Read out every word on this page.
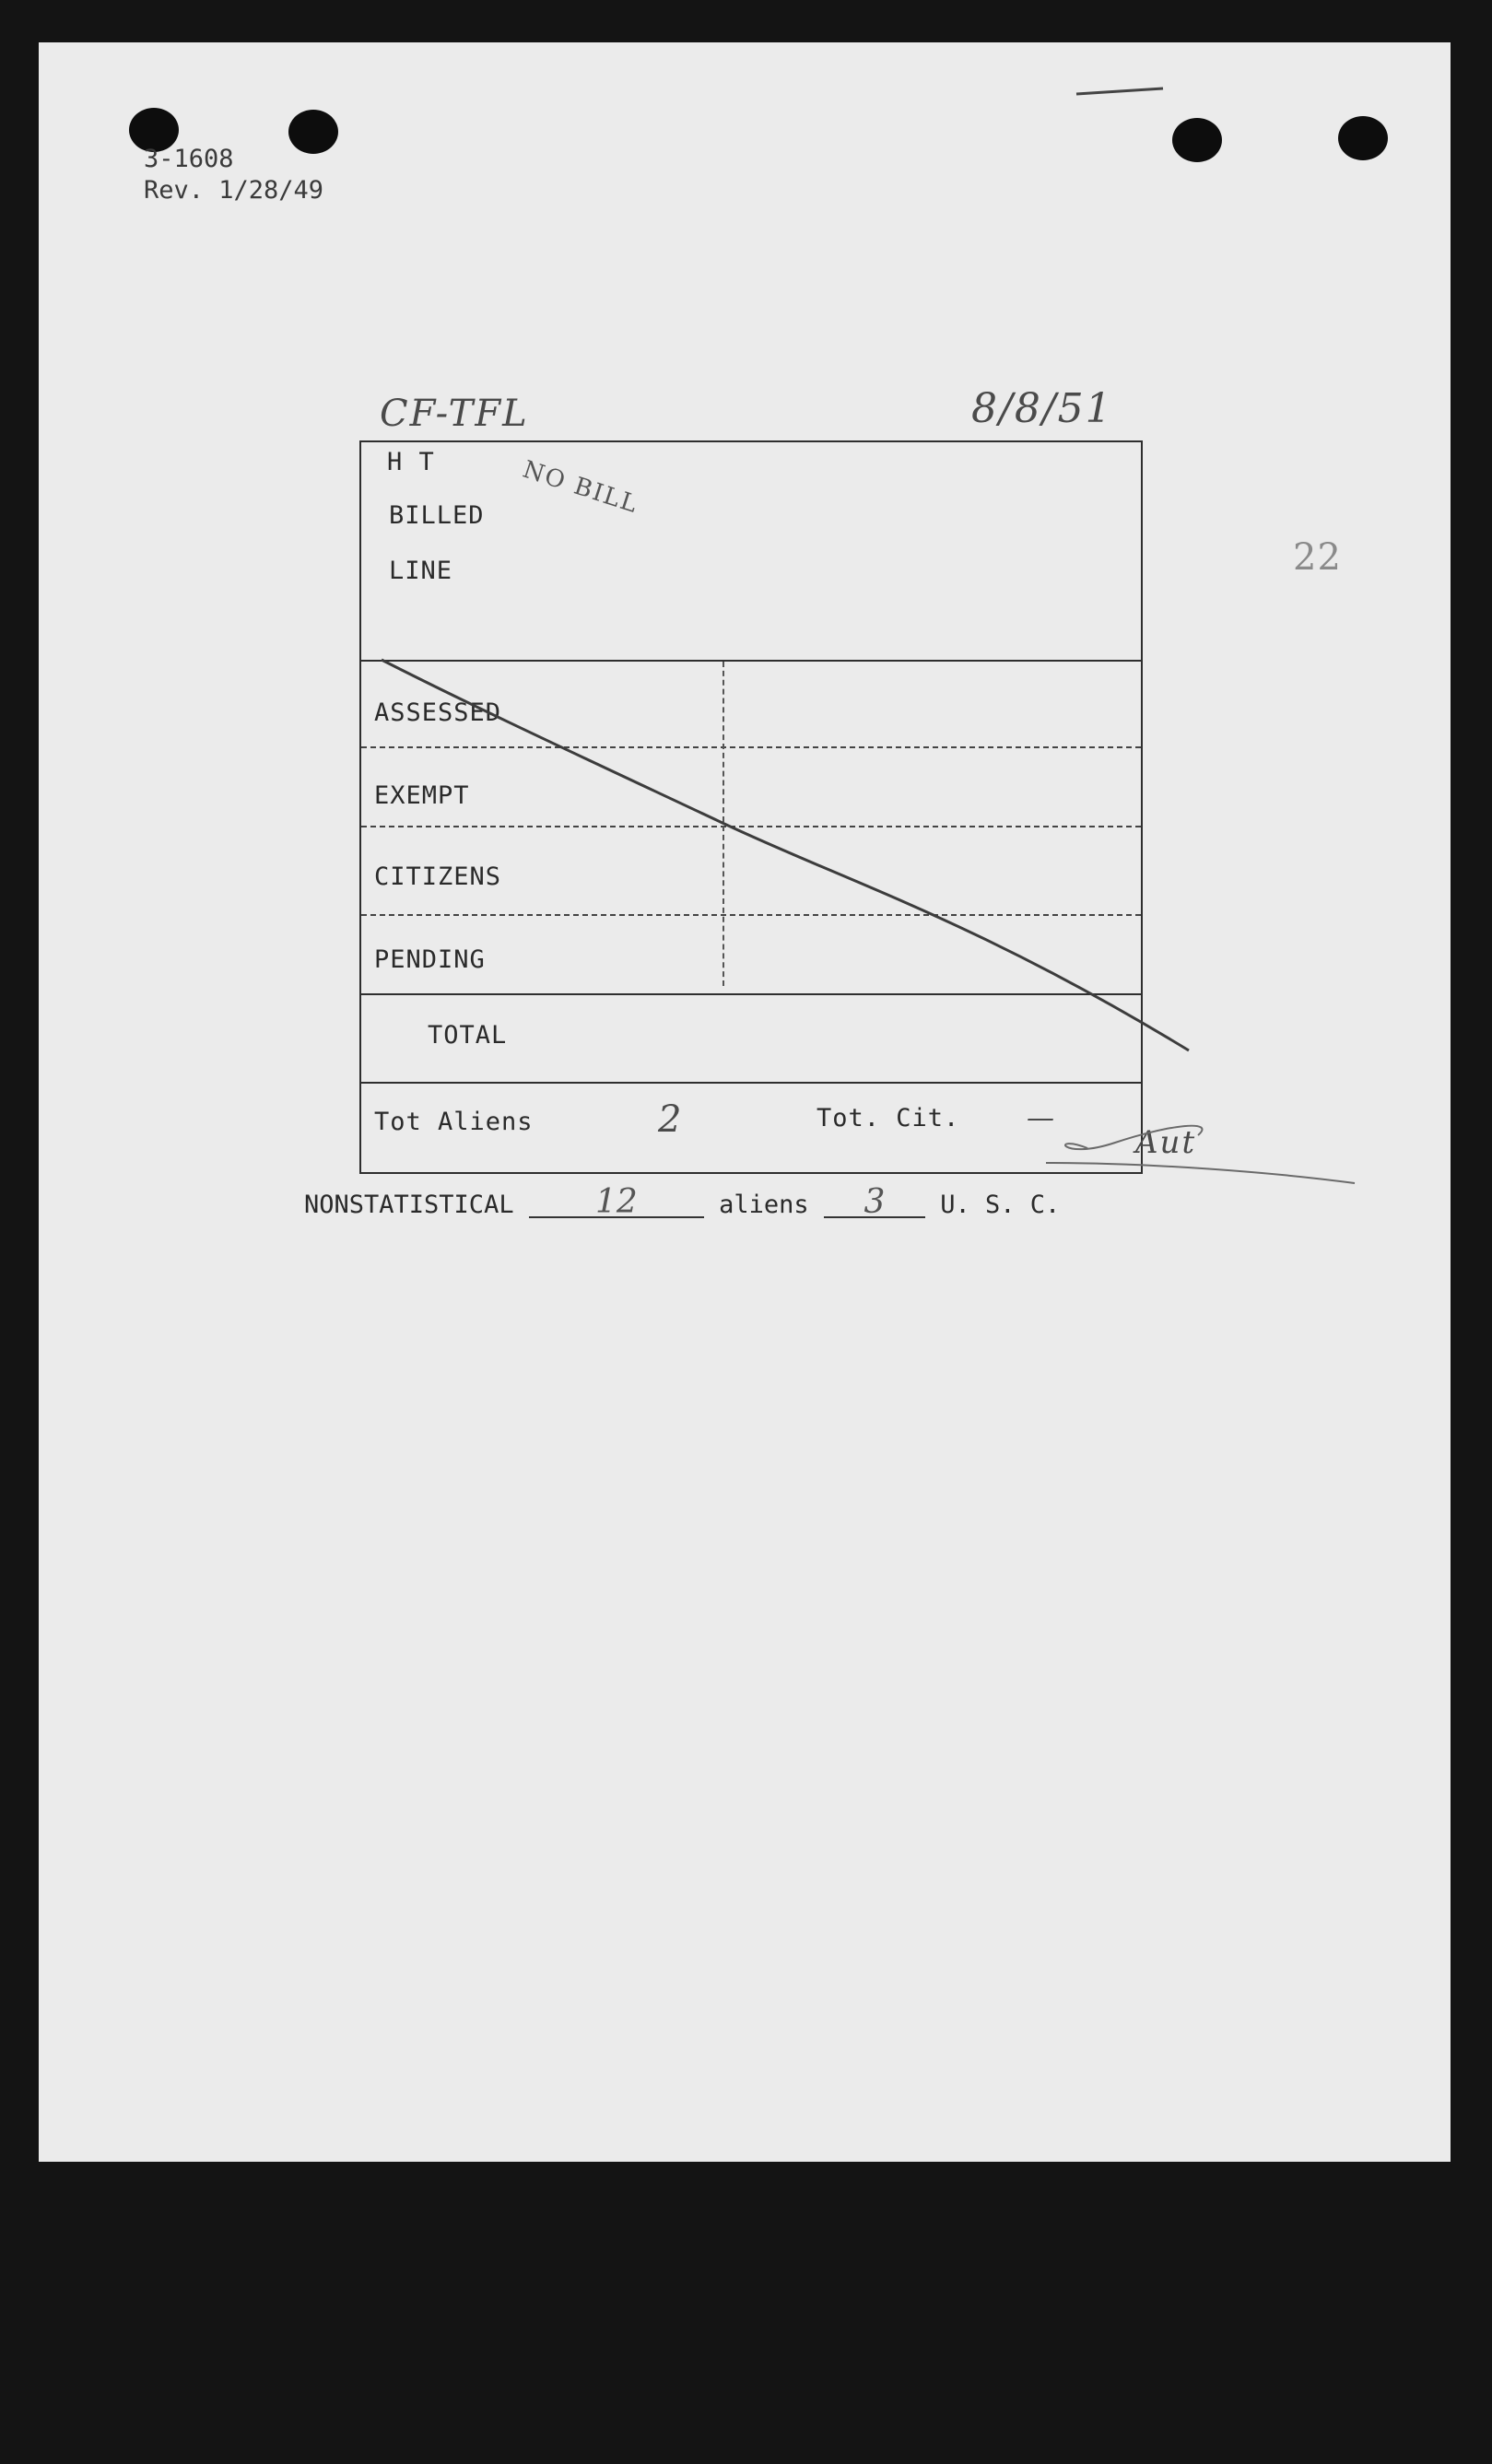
3-1608
Rev. 1/28/49
CF-TFL	8/8/51
NO BILL
22
H T
BILLED
LINE
ASSESSED
EXEMPT
CITIZENS
PENDING
TOTAL
Tot Aliens	2	Tot. Cit. —
Aut
NONSTATISTICAL 12	aliens 3 U. S. C.
